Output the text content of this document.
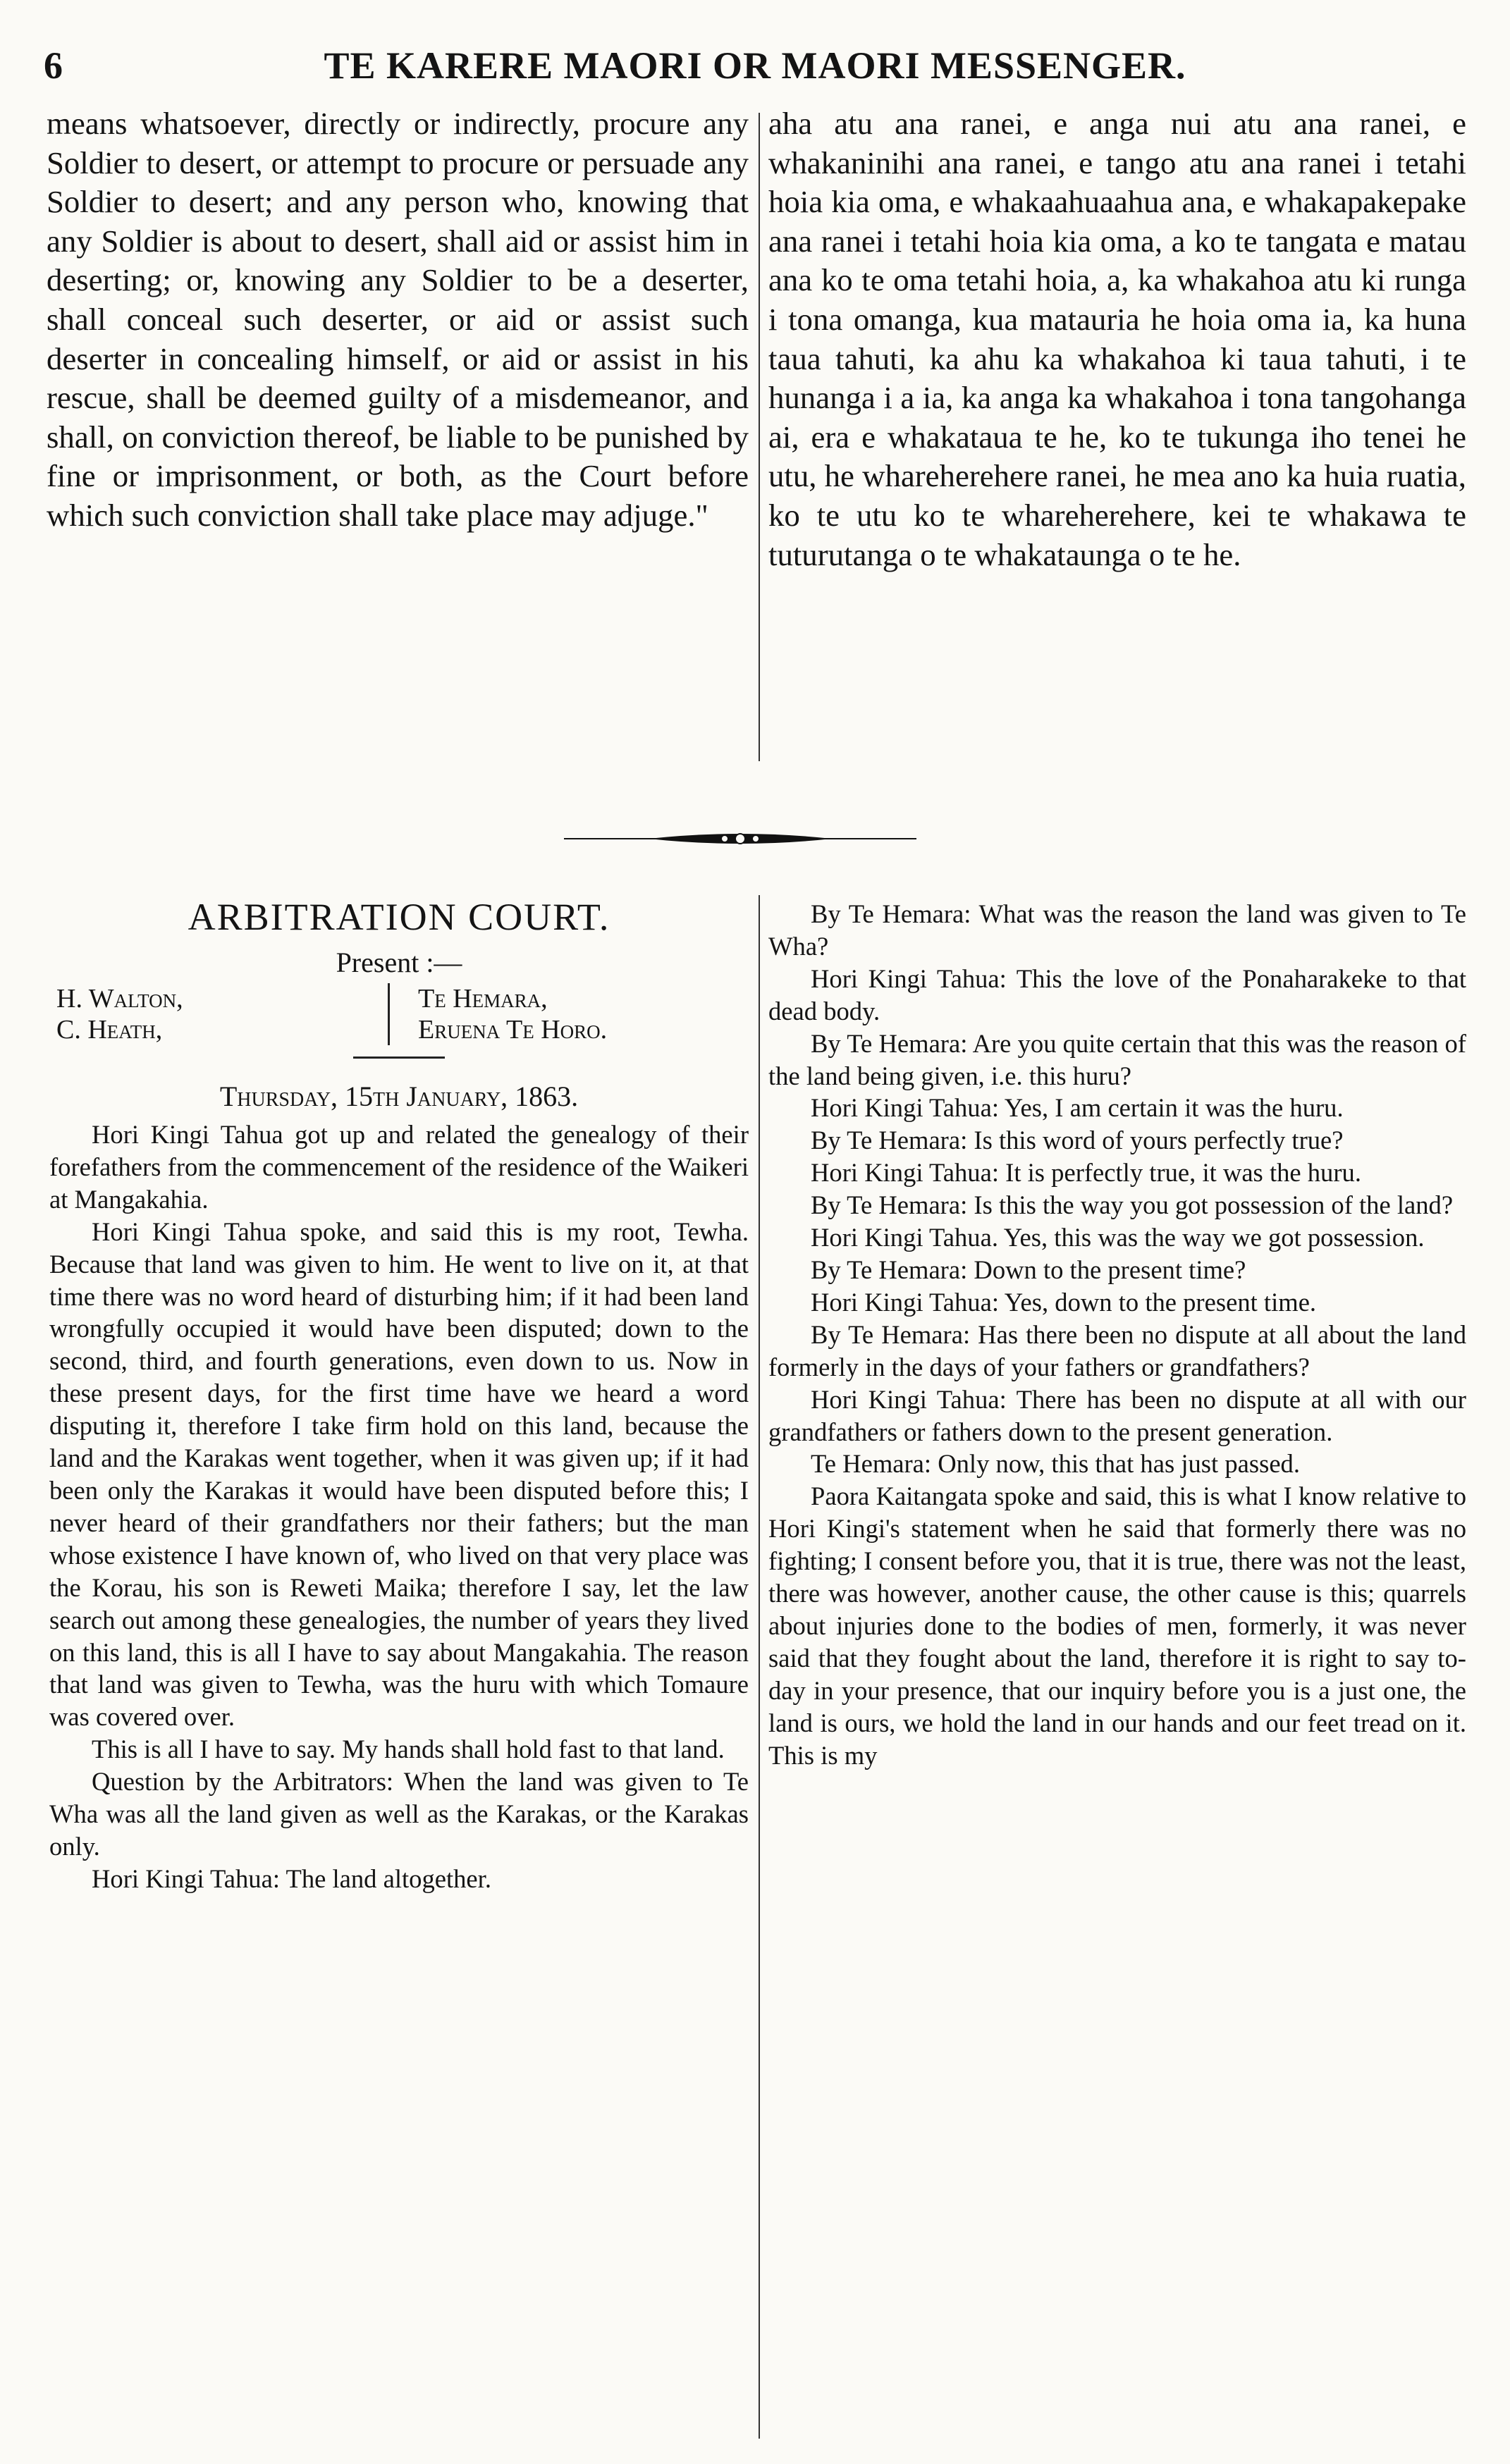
6	TE KARERE MAORI OR MAORI MESSENGER.

means whatsoever, directly or indirectly, procure any Soldier to desert, or attempt to procure or persuade any Soldier to desert; and any person who, knowing that any Soldier is about to desert, shall aid or assist him in deserting; or, knowing any Soldier to be a deserter, shall conceal such deserter, or aid or assist such deserter in concealing himself, or aid or assist in his rescue, shall be deemed guilty of a misdemeanor, and shall, on conviction thereof, be liable to be punished by fine or imprisonment, or both, as the Court before which such conviction shall take place may adjuge."

aha atu ana ranei, e anga nui atu ana ranei, e whakaninihi ana ranei, e tango atu ana ranei i tetahi hoia kia oma, e whakaahuaahua ana, e whakapakepake ana ranei i tetahi hoia kia oma, a ko te tangata e matau ana ko te oma tetahi hoia, a, ka whakahoa atu ki runga i tona omanga, kua matauria he hoia oma ia, ka huna taua tahuti, ka ahu ka whakahoa ki taua tahuti, i te hunanga i a ia, ka anga ka whakahoa i tona tangohanga ai, era e whakataua te he, ko te tukunga iho tenei he utu, he whareherehere ranei, he mea ano ka huia ruatia, ko te utu ko te whareherehere, kei te whakawa te tuturutanga o te whakataunga o te he.

ARBITRATION COURT.
Present :—
H. Walton,
C. Heath,
Te Hemara,
Eruena Te Horo.
Thursday, 15th January, 1863.

Hori Kingi Tahua got up and related the genealogy of their forefathers from the commencement of the residence of the Waikeri at Mangakahia.

Hori Kingi Tahua spoke, and said this is my root, Tewha. Because that land was given to him. He went to live on it, at that time there was no word heard of disturbing him; if it had been land wrongfully occupied it would have been disputed; down to the second, third, and fourth generations, even down to us. Now in these present days, for the first time have we heard a word disputing it, therefore I take firm hold on this land, because the land and the Karakas went together, when it was given up; if it had been only the Karakas it would have been disputed before this; I never heard of their grandfathers nor their fathers; but the man whose existence I have known of, who lived on that very place was the Korau, his son is Reweti Maika; therefore I say, let the law search out among these genealogies, the number of years they lived on this land, this is all I have to say about Mangakahia. The reason that land was given to Tewha, was the huru with which Tomaure was covered over.

This is all I have to say. My hands shall hold fast to that land.

Question by the Arbitrators: When the land was given to Te Wha was all the land given as well as the Karakas, or the Karakas only.

Hori Kingi Tahua: The land altogether.

By Te Hemara: What was the reason the land was given to Te Wha?

Hori Kingi Tahua: This the love of the Ponaharakeke to that dead body.

By Te Hemara: Are you quite certain that this was the reason of the land being given, i.e. this huru?

Hori Kingi Tahua: Yes, I am certain it was the huru.

By Te Hemara: Is this word of yours perfectly true?

Hori Kingi Tahua: It is perfectly true, it was the huru.

By Te Hemara: Is this the way you got possession of the land?

Hori Kingi Tahua. Yes, this was the way we got possession.

By Te Hemara: Down to the present time?

Hori Kingi Tahua: Yes, down to the present time.

By Te Hemara: Has there been no dispute at all about the land formerly in the days of your fathers or grandfathers?

Hori Kingi Tahua: There has been no dispute at all with our grandfathers or fathers down to the present generation.

Te Hemara: Only now, this that has just passed.

Paora Kaitangata spoke and said, this is what I know relative to Hori Kingi's statement when he said that formerly there was no fighting; I consent before you, that it is true, there was not the least, there was however, another cause, the other cause is this; quarrels about injuries done to the bodies of men, formerly, it was never said that they fought about the land, therefore it is right to say to-day in your presence, that our inquiry before you is a just one, the land is ours, we hold the land in our hands and our feet tread on it. This is my
